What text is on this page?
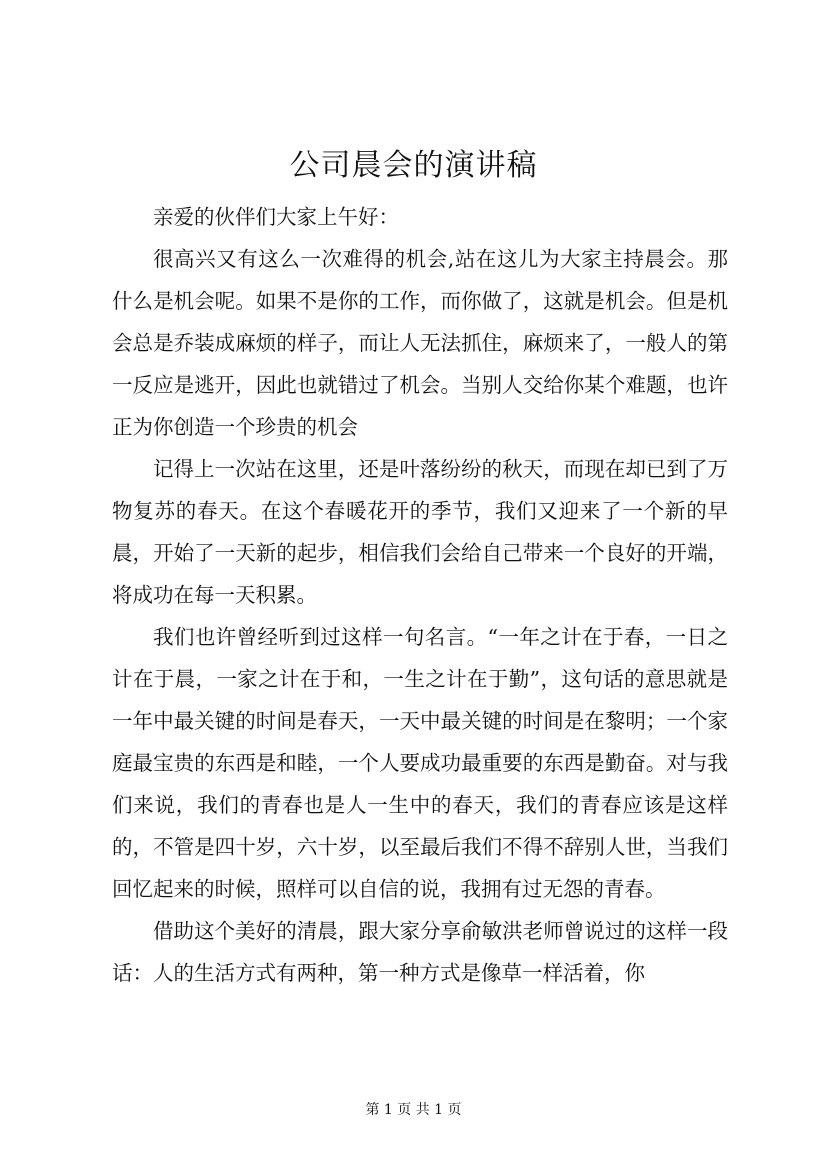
公司晨会的演讲稿

亲爱的伙伴们大家上午好：

很高兴又有这么一次难得的机会,站在这儿为大家主持晨会。那什么是机会呢。如果不是你的工作，而你做了，这就是机会。但是机会总是乔装成麻烦的样子，而让人无法抓住，麻烦来了，一般人的第一反应是逃开，因此也就错过了机会。当别人交给你某个难题，也许正为你创造一个珍贵的机会

记得上一次站在这里，还是叶落纷纷的秋天，而现在却已到了万物复苏的春天。在这个春暖花开的季节，我们又迎来了一个新的早晨，开始了一天新的起步，相信我们会给自己带来一个良好的开端，将成功在每一天积累。

我们也许曾经听到过这样一句名言。“一年之计在于春，一日之计在于晨，一家之计在于和，一生之计在于勤”，这句话的意思就是一年中最关键的时间是春天，一天中最关键的时间是在黎明；一个家庭最宝贵的东西是和睦，一个人要成功最重要的东西是勤奋。对与我们来说，我们的青春也是人一生中的春天，我们的青春应该是这样的，不管是四十岁，六十岁，以至最后我们不得不辞别人世，当我们回忆起来的时候，照样可以自信的说，我拥有过无怨的青春。

借助这个美好的清晨，跟大家分享俞敏洪老师曾说过的这样一段话：人的生活方式有两种，第一种方式是像草一样活着，你

第 1 页 共 1 页
